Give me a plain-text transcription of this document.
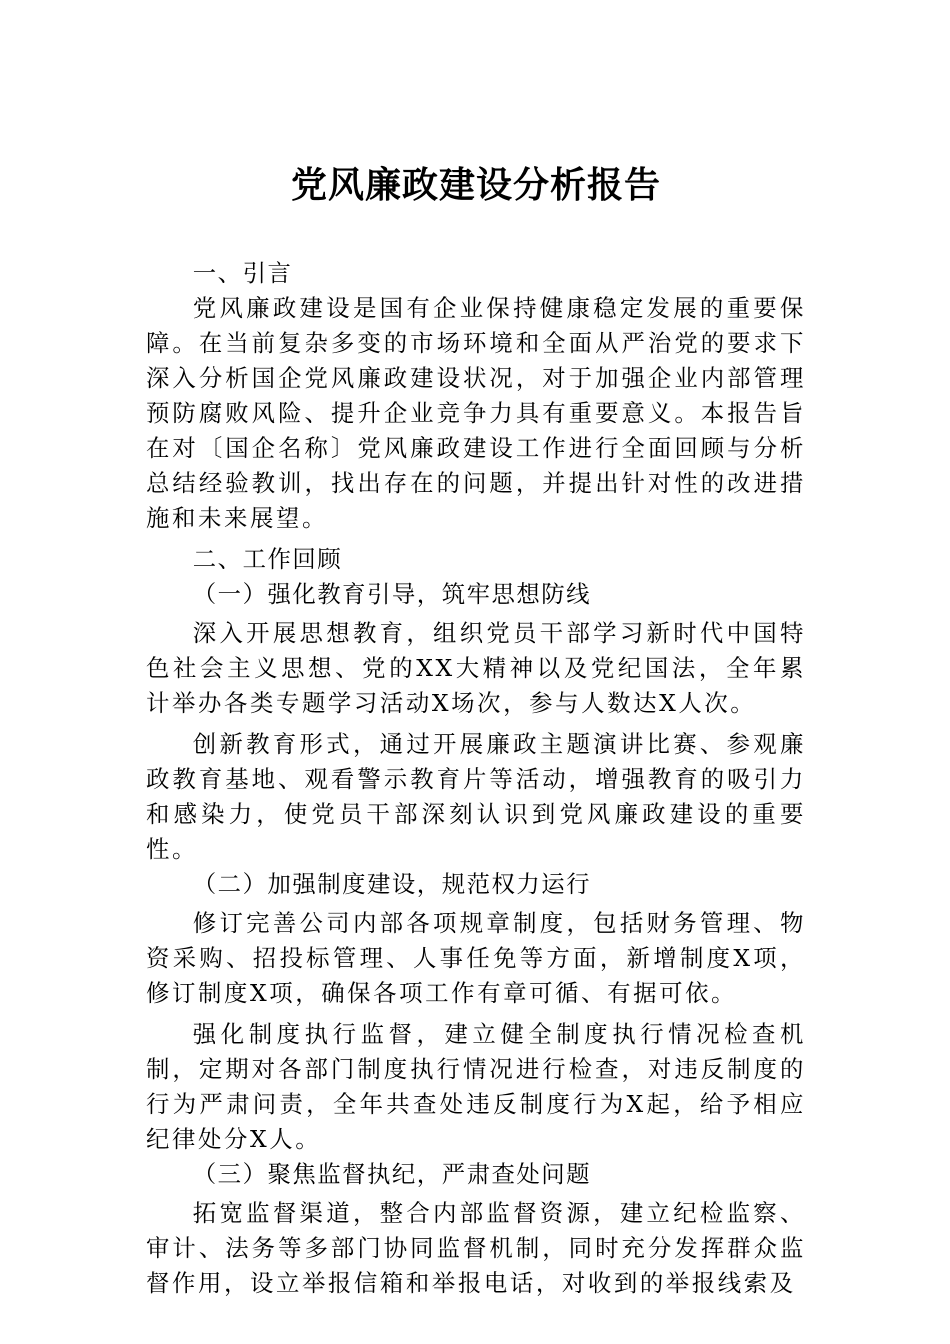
党风廉政建设分析报告

一、引言

党风廉政建设是国有企业保持健康稳定发展的重要保障。在当前复杂多变的市场环境和全面从严治党的要求下深入分析国企党风廉政建设状况，对于加强企业内部管理预防腐败风险、提升企业竞争力具有重要意义。本报告旨在对〔国企名称〕党风廉政建设工作进行全面回顾与分析总结经验教训，找出存在的问题，并提出针对性的改进措施和未来展望。

二、工作回顾

（一）强化教育引导，筑牢思想防线

深入开展思想教育，组织党员干部学习新时代中国特色社会主义思想、党的XX大精神以及党纪国法，全年累计举办各类专题学习活动X场次，参与人数达X人次。

创新教育形式，通过开展廉政主题演讲比赛、参观廉政教育基地、观看警示教育片等活动，增强教育的吸引力和感染力，使党员干部深刻认识到党风廉政建设的重要性。

（二）加强制度建设，规范权力运行

修订完善公司内部各项规章制度，包括财务管理、物资采购、招投标管理、人事任免等方面，新增制度X项，修订制度X项，确保各项工作有章可循、有据可依。

强化制度执行监督，建立健全制度执行情况检查机制，定期对各部门制度执行情况进行检查，对违反制度的行为严肃问责，全年共查处违反制度行为X起，给予相应纪律处分X人。

（三）聚焦监督执纪，严肃查处问题

拓宽监督渠道，整合内部监督资源，建立纪检监察、审计、法务等多部门协同监督机制，同时充分发挥群众监督作用，设立举报信箱和举报电话，对收到的举报线索及
